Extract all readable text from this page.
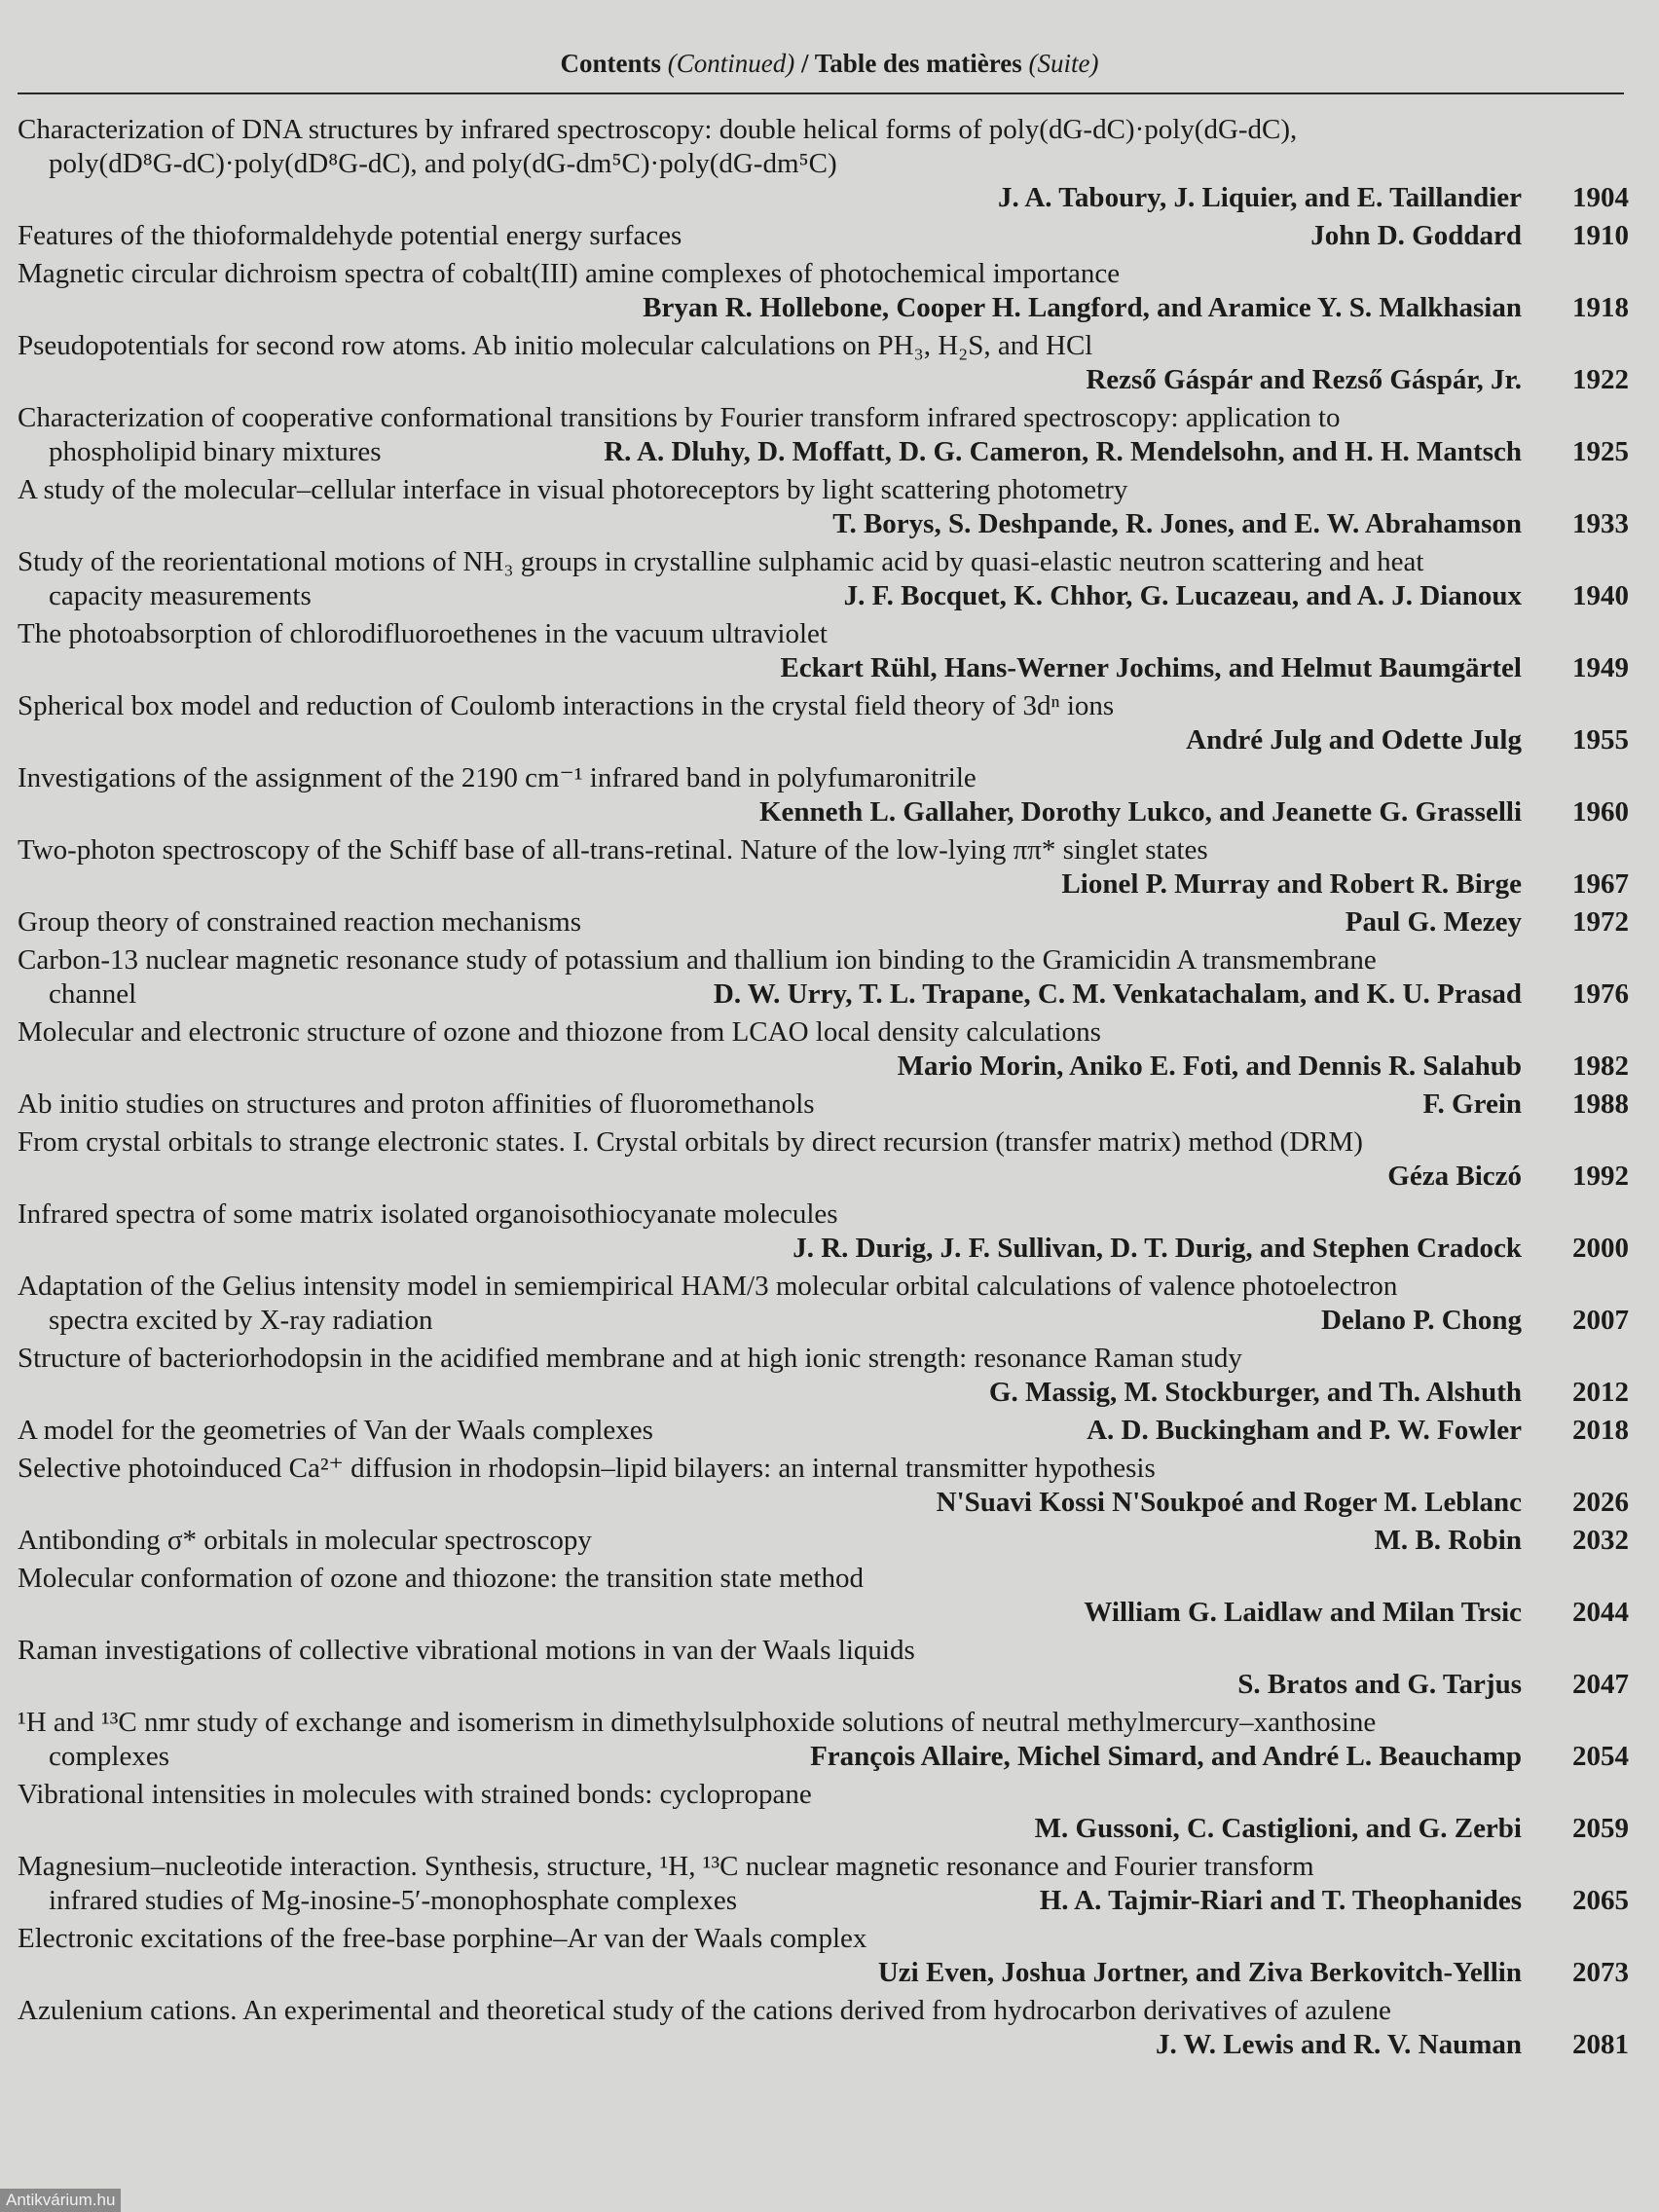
Contents (Continued) / Table des matières (Suite)
Characterization of DNA structures by infrared spectroscopy: double helical forms of poly(dG-dC)·poly(dG-dC),
poly(dD⁸G-dC)·poly(dD⁸G-dC), and poly(dG-dm⁵C)·poly(dG-dm⁵C)
J. A. Taboury, J. Liquier, and E. Taillandier	1904
Features of the thioformaldehyde potential energy surfaces	John D. Goddard	1910
Magnetic circular dichroism spectra of cobalt(III) amine complexes of photochemical importance
Bryan R. Hollebone, Cooper H. Langford, and Aramice Y. S. Malkhasian	1918
Pseudopotentials for second row atoms. Ab initio molecular calculations on PH₃, H₂S, and HCl
Rezső Gáspár and Rezső Gáspár, Jr.	1922
Characterization of cooperative conformational transitions by Fourier transform infrared spectroscopy: application to
phospholipid binary mixtures	R. A. Dluhy, D. Moffatt, D. G. Cameron, R. Mendelsohn, and H. H. Mantsch	1925
A study of the molecular–cellular interface in visual photoreceptors by light scattering photometry
T. Borys, S. Deshpande, R. Jones, and E. W. Abrahamson	1933
Study of the reorientational motions of NH₃ groups in crystalline sulphamic acid by quasi-elastic neutron scattering and heat
capacity measurements	J. F. Bocquet, K. Chhor, G. Lucazeau, and A. J. Dianoux	1940
The photoabsorption of chlorodifluoroethenes in the vacuum ultraviolet
Eckart Rühl, Hans-Werner Jochims, and Helmut Baumgärtel	1949
Spherical box model and reduction of Coulomb interactions in the crystal field theory of 3dⁿ ions
André Julg and Odette Julg	1955
Investigations of the assignment of the 2190 cm⁻¹ infrared band in polyfumaronitrile
Kenneth L. Gallaher, Dorothy Lukco, and Jeanette G. Grasselli	1960
Two-photon spectroscopy of the Schiff base of all-trans-retinal. Nature of the low-lying ππ* singlet states
Lionel P. Murray and Robert R. Birge	1967
Group theory of constrained reaction mechanisms	Paul G. Mezey	1972
Carbon-13 nuclear magnetic resonance study of potassium and thallium ion binding to the Gramicidin A transmembrane
channel	D. W. Urry, T. L. Trapane, C. M. Venkatachalam, and K. U. Prasad	1976
Molecular and electronic structure of ozone and thiozone from LCAO local density calculations
Mario Morin, Aniko E. Foti, and Dennis R. Salahub	1982
Ab initio studies on structures and proton affinities of fluoromethanols	F. Grein	1988
From crystal orbitals to strange electronic states. I. Crystal orbitals by direct recursion (transfer matrix) method (DRM)
Géza Biczó	1992
Infrared spectra of some matrix isolated organoisothiocyanate molecules
J. R. Durig, J. F. Sullivan, D. T. Durig, and Stephen Cradock	2000
Adaptation of the Gelius intensity model in semiempirical HAM/3 molecular orbital calculations of valence photoelectron
spectra excited by X-ray radiation	Delano P. Chong	2007
Structure of bacteriorhodopsin in the acidified membrane and at high ionic strength: resonance Raman study
G. Massig, M. Stockburger, and Th. Alshuth	2012
A model for the geometries of Van der Waals complexes	A. D. Buckingham and P. W. Fowler	2018
Selective photoinduced Ca²⁺ diffusion in rhodopsin–lipid bilayers: an internal transmitter hypothesis
N'Suavi Kossi N'Soukpoé and Roger M. Leblanc	2026
Antibonding σ* orbitals in molecular spectroscopy	M. B. Robin	2032
Molecular conformation of ozone and thiozone: the transition state method
William G. Laidlaw and Milan Trsic	2044
Raman investigations of collective vibrational motions in van der Waals liquids
S. Bratos and G. Tarjus	2047
¹H and ¹³C nmr study of exchange and isomerism in dimethylsulphoxide solutions of neutral methylmercury–xanthosine
complexes	François Allaire, Michel Simard, and André L. Beauchamp	2054
Vibrational intensities in molecules with strained bonds: cyclopropane
M. Gussoni, C. Castiglioni, and G. Zerbi	2059
Magnesium–nucleotide interaction. Synthesis, structure, ¹H, ¹³C nuclear magnetic resonance and Fourier transform
infrared studies of Mg-inosine-5′-monophosphate complexes	H. A. Tajmir-Riari and T. Theophanides	2065
Electronic excitations of the free-base porphine–Ar van der Waals complex
Uzi Even, Joshua Jortner, and Ziva Berkovitch-Yellin	2073
Azulenium cations. An experimental and theoretical study of the cations derived from hydrocarbon derivatives of azulene
J. W. Lewis and R. V. Nauman	2081
Antikvárium.hu
